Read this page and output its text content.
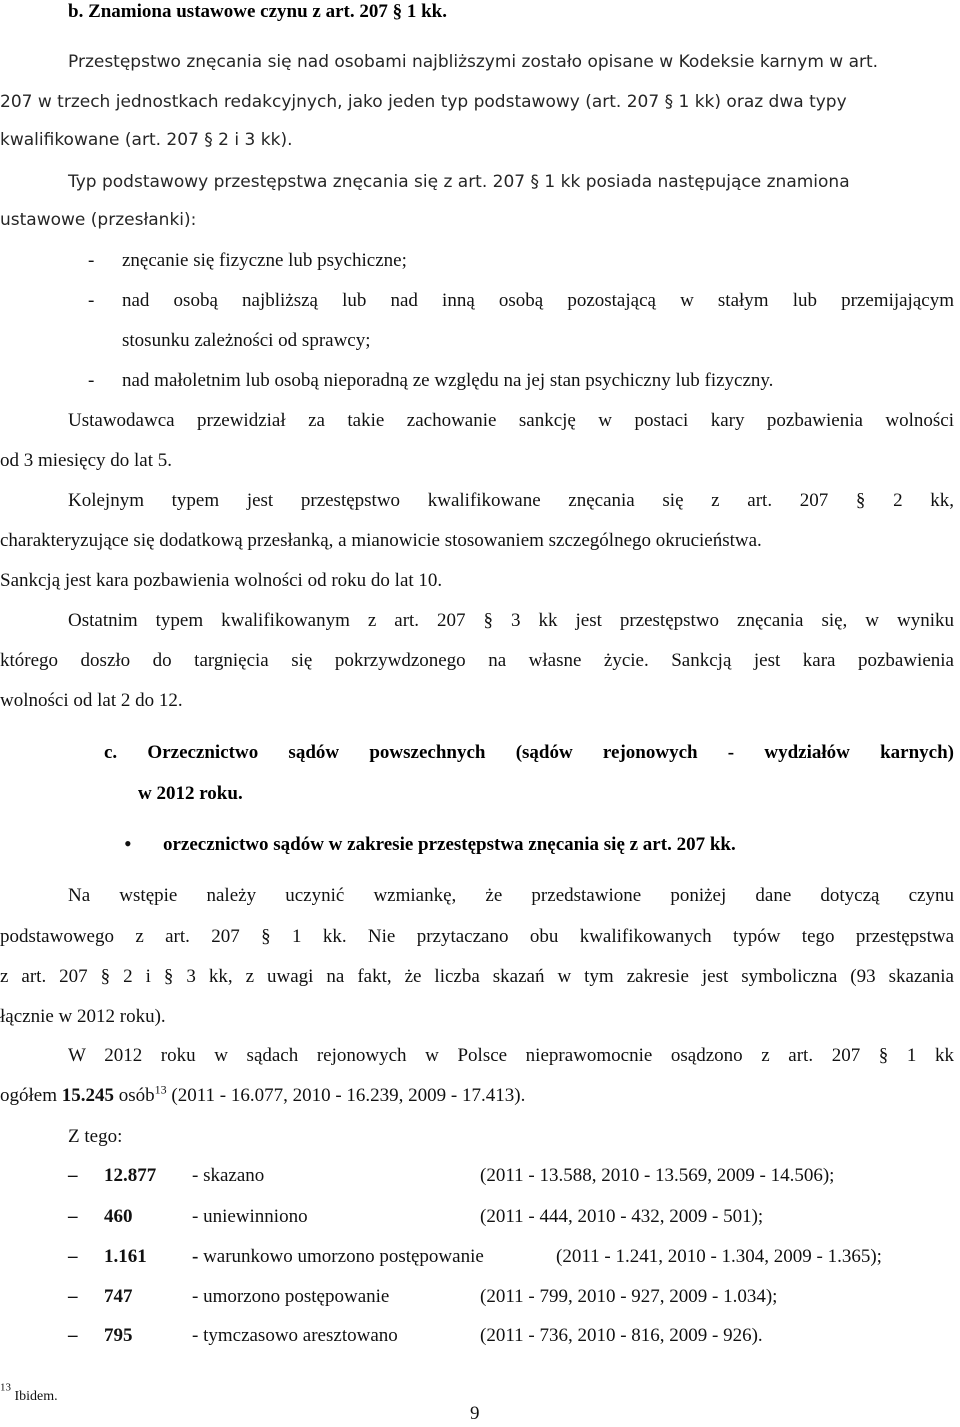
b. Znamiona ustawowe czynu z art. 207 § 1 kk.
Przestępstwo znęcania się nad osobami najbliższymi zostało opisane w Kodeksie karnym w art.
207 w trzech jednostkach redakcyjnych, jako jeden typ podstawowy (art. 207 § 1 kk) oraz dwa typy
kwalifikowane (art. 207 § 2 i 3 kk).
Typ podstawowy przestępstwa znęcania się z art. 207 § 1 kk posiada następujące znamiona
ustawowe (przesłanki):
- znęcanie się fizyczne lub psychiczne;
- nad osobą najbliższą lub nad inną osobą pozostającą w stałym lub przemijającym
stosunku zależności od sprawcy;
- nad małoletnim lub osobą nieporadną ze względu na jej stan psychiczny lub fizyczny.
Ustawodawca przewidział za takie zachowanie sankcję w postaci kary pozbawienia wolności
od 3 miesięcy do lat 5.
Kolejnym typem jest przestępstwo kwalifikowane znęcania się z art. 207 § 2 kk,
charakteryzujące się dodatkową przesłanką, a mianowicie stosowaniem szczególnego okrucieństwa.
Sankcją jest kara pozbawienia wolności od roku do lat 10.
Ostatnim typem kwalifikowanym z art. 207 § 3 kk jest przestępstwo znęcania się, w wyniku
którego doszło do targnięcia się pokrzywdzonego na własne życie. Sankcją jest kara pozbawienia
wolności od lat 2 do 12.
c. Orzecznictwo sądów powszechnych (sądów rejonowych - wydziałów karnych)
w 2012 roku.
• orzecznictwo sądów w zakresie przestępstwa znęcania się z art. 207 kk.
Na wstępie należy uczynić wzmiankę, że przedstawione poniżej dane dotyczą czynu
podstawowego z art. 207 § 1 kk. Nie przytaczano obu kwalifikowanych typów tego przestępstwa
z art. 207 § 2 i § 3 kk, z uwagi na fakt, że liczba skazań w tym zakresie jest symboliczna (93 skazania
łącznie w 2012 roku).
W 2012 roku w sądach rejonowych w Polsce nieprawomocnie osądzono z art. 207 § 1 kk
ogółem 15.245 osób$^{13}$ (2011 - 16.077, 2010 - 16.239, 2009 - 17.413).
Z tego:
– 12.877	- skazano	(2011 - 13.588, 2010 - 13.569, 2009 - 14.506);
– 460	- uniewinniono	(2011 - 444, 2010 - 432, 2009 - 501);
– 1.161	- warunkowo umorzono postępowanie	(2011 - 1.241, 2010 - 1.304, 2009 - 1.365);
– 747	- umorzono postępowanie	(2011 - 799, 2010 - 927, 2009 - 1.034);
– 795	- tymczasowo aresztowano	(2011 - 736, 2010 - 816, 2009 - 926).
$^{13}$ Ibidem.
9
